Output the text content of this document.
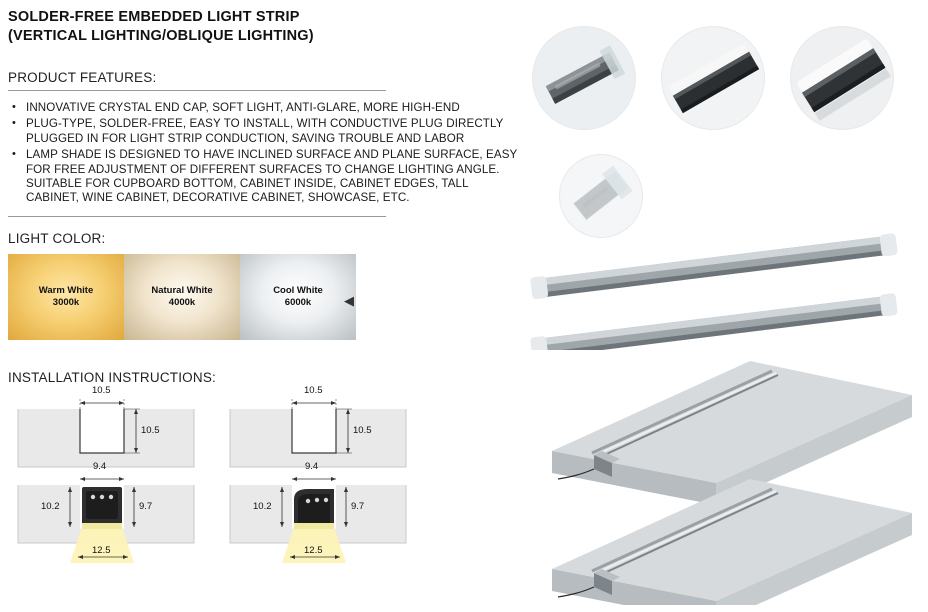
SOLDER-FREE EMBEDDED LIGHT STRIP
(VERTICAL LIGHTING/OBLIQUE LIGHTING)
PRODUCT FEATURES:
• INNOVATIVE CRYSTAL END CAP, SOFT LIGHT, ANTI-GLARE, MORE HIGH-END
• PLUG-TYPE, SOLDER-FREE, EASY TO INSTALL, WITH CONDUCTIVE PLUG DIRECTLY PLUGGED IN FOR LIGHT STRIP CONDUCTION, SAVING TROUBLE AND LABOR
• LAMP SHADE IS DESIGNED TO HAVE INCLINED SURFACE AND PLANE SURFACE, EASY FOR FREE ADJUSTMENT OF DIFFERENT SURFACES TO CHANGE LIGHTING ANGLE. SUITABLE FOR CUPBOARD BOTTOM, CABINET INSIDE, CABINET EDGES, TALL CABINET, WINE CABINET, DECORATIVE CABINET, SHOWCASE, ETC.
LIGHT COLOR:
Warm White
3000k
Natural White
4000k
Cool White
6000k	◀
INSTALLATION INSTRUCTIONS:
10.5
10.5
9.4
9.7
10.2
12.5
10.5
10.5
9.4
9.7
10.2
12.5
